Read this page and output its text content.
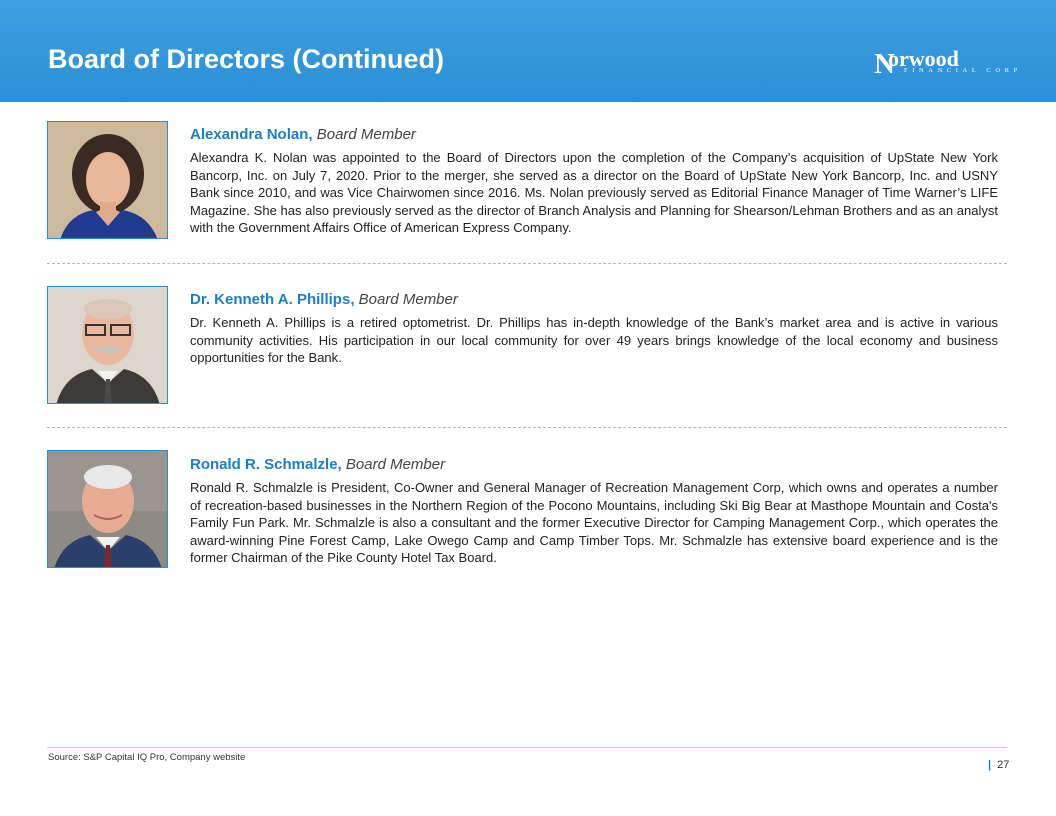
Board of Directors (Continued)	N
orwood
FINANCIAL CORP
Alexandra Nolan, Board Member

Alexandra K. Nolan was appointed to the Board of Directors upon the completion of the Company’s acquisition of UpState New York Bancorp, Inc. on July 7, 2020. Prior to the merger, she served as a director on the Board of UpState New York Bancorp, Inc. and USNY Bank since 2010, and was Vice Chairwomen since 2016. Ms. Nolan previously served as Editorial Finance Manager of Time Warner’s LIFE Magazine. She has also previously served as the director of Branch Analysis and Planning for Shearson/Lehman Brothers and as an analyst with the Government Affairs Office of American Express Company.

Dr. Kenneth A. Phillips, Board Member

Dr. Kenneth A. Phillips is a retired optometrist. Dr. Phillips has in-depth knowledge of the Bank’s market area and is active in various community activities. His participation in our local community for over 49 years brings knowledge of the local economy and business opportunities for the Bank.

Ronald R. Schmalzle, Board Member

Ronald R. Schmalzle is President, Co-Owner and General Manager of Recreation Management Corp, which owns and operates a number of recreation-based businesses in the Northern Region of the Pocono Mountains, including Ski Big Bear at Masthope Mountain and Costa's Family Fun Park. Mr. Schmalzle is also a consultant and the former Executive Director for Camping Management Corp., which operates the award-winning Pine Forest Camp, Lake Owego Camp and Camp Timber Tops. Mr. Schmalzle has extensive board experience and is the former Chairman of the Pike County Hotel Tax Board.

Source: S&P Capital IQ Pro, Company website
| 27
